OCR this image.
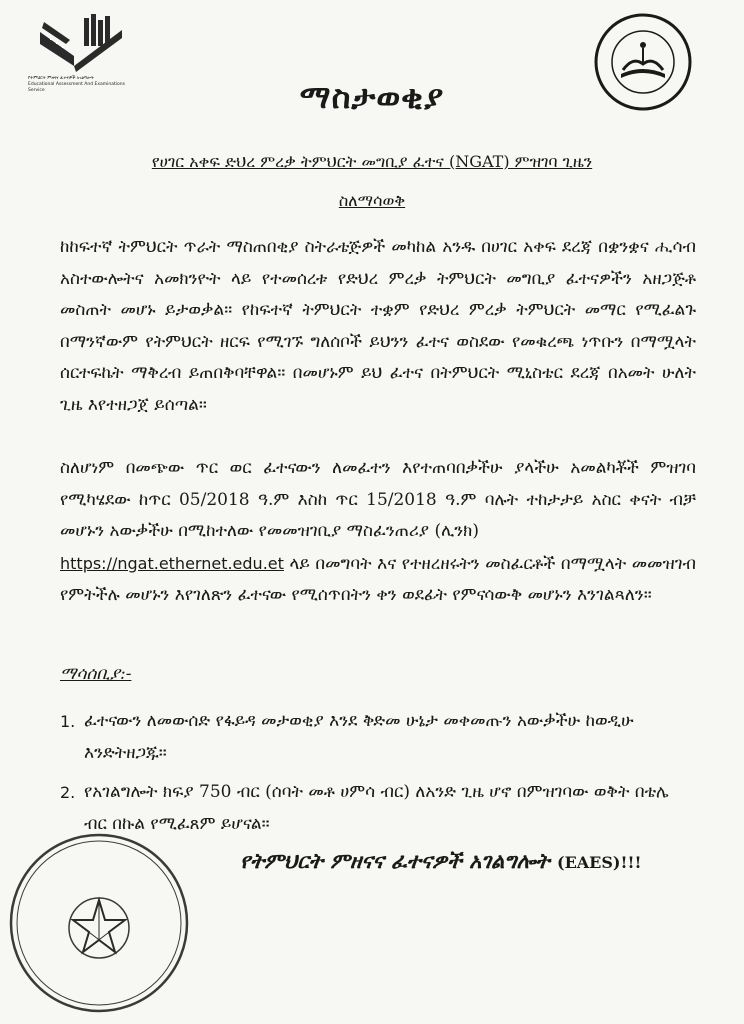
የትምህርት ምዘናና ፈተናዎች አገልግሎት
Educational Assessment And Examinations Service	ማስታወቂያ
የሀገር አቀፍ ድህረ ምረቃ ትምህርት መግቢያ ፈተና (NGAT) ምዝገባ ጊዜን
ስለማሳወቅ
ከከፍተኛ ትምህርት ጥራት ማስጠበቂያ ስትራቴጅዎች መካከል አንዱ በሀገር አቀፍ ደረጃ በቋንቋና ሒሳብ አስተውሎትና አመክንዮት ላይ የተመሰረቱ የድህረ ምረቃ ትምህርት መግቢያ ፈተናዎችን አዘጋጅቶ መስጠት መሆኑ ይታወቃል። የከፍተኛ ትምህርት ተቋም የድህረ ምረቃ ትምህርት መማር የሚፈልጉ በማንኛውም የትምህርት ዘርፍ የሚገኙ ግለሰቦች ይህንን ፈተና ወስደው የመቁረጫ ነጥቡን በማሟላት ሰርተፍኬት ማቅረብ ይጠበቅባቸዋል። በመሆኑም ይህ ፈተና በትምህርት ሚኒስቴር ደረጃ በአመት ሁለት ጊዜ እየተዘጋጀ ይሰጣል።
ስለሆነም በመጭው ጥር ወር ፈተናውን ለመፈተን እየተጠባበቃችሁ ያላችሁ አመልካቾች ምዝገባ የሚካሄደው ከጥር 05/2018 ዓ.ም እስከ ጥር 15/2018 ዓ.ም ባሉት ተከታታይ አስር ቀናት ብቻ መሆኑን አውቃችሁ በሚከተለው የመመዝገቢያ ማስፈንጠሪያ (ሊንክ)
https://ngat.ethernet.edu.et ላይ በመግባት እና የተዘረዘሩትን መስፈርቶች በማሟላት መመዝገብ የምትችሉ መሆኑን እየገለጽን ፈተናው የሚሰጥበትን ቀን ወደፊት የምናሳውቅ መሆኑን እንገልጻለን።
ማሳሰቢያ:-
1. ፈተናውን ለመውሰድ የፋይዳ መታወቂያ እንደ ቅድመ ሁኔታ መቀመጡን አውቃችሁ ከወዲሁ እንድትዘጋጁ።
2. የአገልግሎት ክፍያ 750 ብር (ሰባት መቶ ሀምሳ ብር) ለአንድ ጊዜ ሆኖ በምዝገባው ወቅት በቴሌ ብር በኩል የሚፈጸም ይሆናል።
የትምህርት ምዘናና ፈተናዎች አገልግሎት (EAES)!!!
